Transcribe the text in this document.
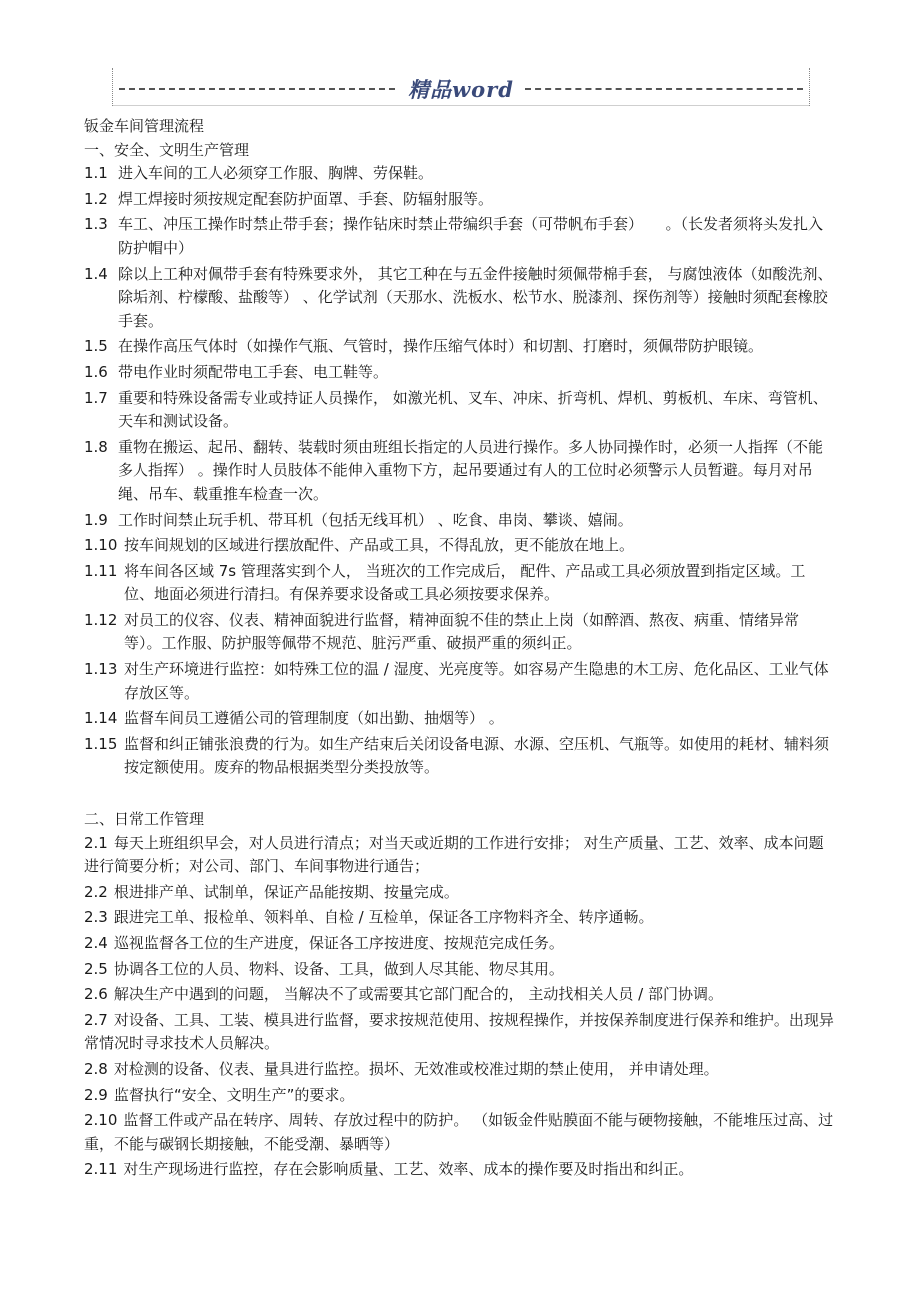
精品word

钣金车间管理流程

一、安全、文明生产管理

1.1 进入车间的工人必须穿工作服、胸牌、劳保鞋。
1.2 焊工焊接时须按规定配套防护面罩、手套、防辐射服等。
1.3 车工、冲压工操作时禁止带手套；操作钻床时禁止带编织手套（可带帆布手套）　　。（长发者须将头发扎入防护帽中）
1.4 除以上工种对佩带手套有特殊要求外， 其它工种在与五金件接触时须佩带棉手套， 与腐蚀液体（如酸洗剂、除垢剂、柠檬酸、盐酸等） 、化学试剂（天那水、洗板水、松节水、脱漆剂、探伤剂等）接触时须配套橡胶手套。
1.5 在操作高压气体时（如操作气瓶、气管时，操作压缩气体时）和切割、打磨时，须佩带防护眼镜。
1.6 带电作业时须配带电工手套、电工鞋等。
1.7 重要和特殊设备需专业或持证人员操作， 如激光机、叉车、冲床、折弯机、焊机、剪板机、车床、弯管机、天车和测试设备。
1.8 重物在搬运、起吊、翻转、装载时须由班组长指定的人员进行操作。多人协同操作时，必须一人指挥（不能多人指挥） 。操作时人员肢体不能伸入重物下方，起吊要通过有人的工位时必须警示人员暂避。每月对吊绳、吊车、载重推车检查一次。
1.9 工作时间禁止玩手机、带耳机（包括无线耳机） 、吃食、串岗、攀谈、嬉闹。
1.10 按车间规划的区域进行摆放配件、产品或工具，不得乱放，更不能放在地上。
1.11 将车间各区域 7s 管理落实到个人， 当班次的工作完成后， 配件、产品或工具必须放置到指定区域。工位、地面必须进行清扫。有保养要求设备或工具必须按要求保养。
1.12 对员工的仪容、仪表、精神面貌进行监督，精神面貌不佳的禁止上岗（如醉酒、熬夜、病重、情绪异常等）。工作服、防护服等佩带不规范、脏污严重、破损严重的须纠正。
1.13 对生产环境进行监控：如特殊工位的温 / 湿度、光亮度等。如容易产生隐患的木工房、危化品区、工业气体存放区等。
1.14 监督车间员工遵循公司的管理制度（如出勤、抽烟等） 。
1.15 监督和纠正铺张浪费的行为。如生产结束后关闭设备电源、水源、空压机、气瓶等。如使用的耗材、辅料须按定额使用。废弃的物品根据类型分类投放等。

二、日常工作管理

2.1 每天上班组织早会，对人员进行清点；对当天或近期的工作进行安排； 对生产质量、工艺、效率、成本问题进行简要分析；对公司、部门、车间事物进行通告；
2.2 根进排产单、试制单，保证产品能按期、按量完成。
2.3 跟进完工单、报检单、领料单、自检 / 互检单，保证各工序物料齐全、转序通畅。
2.4 巡视监督各工位的生产进度，保证各工序按进度、按规范完成任务。
2.5 协调各工位的人员、物料、设备、工具，做到人尽其能、物尽其用。
2.6 解决生产中遇到的问题， 当解决不了或需要其它部门配合的， 主动找相关人员 / 部门协调。
2.7 对设备、工具、工装、模具进行监督，要求按规范使用、按规程操作，并按保养制度进行保养和维护。出现异常情况时寻求技术人员解决。
2.8 对检测的设备、仪表、量具进行监控。损坏、无效准或校准过期的禁止使用， 并申请处理。
2.9 监督执行“安全、文明生产”的要求。
2.10 监督工件或产品在转序、周转、存放过程中的防护。 （如钣金件贴膜面不能与硬物接触，不能堆压过高、过重，不能与碳钢长期接触，不能受潮、暴晒等）
2.11 对生产现场进行监控，存在会影响质量、工艺、效率、成本的操作要及时指出和纠正。
